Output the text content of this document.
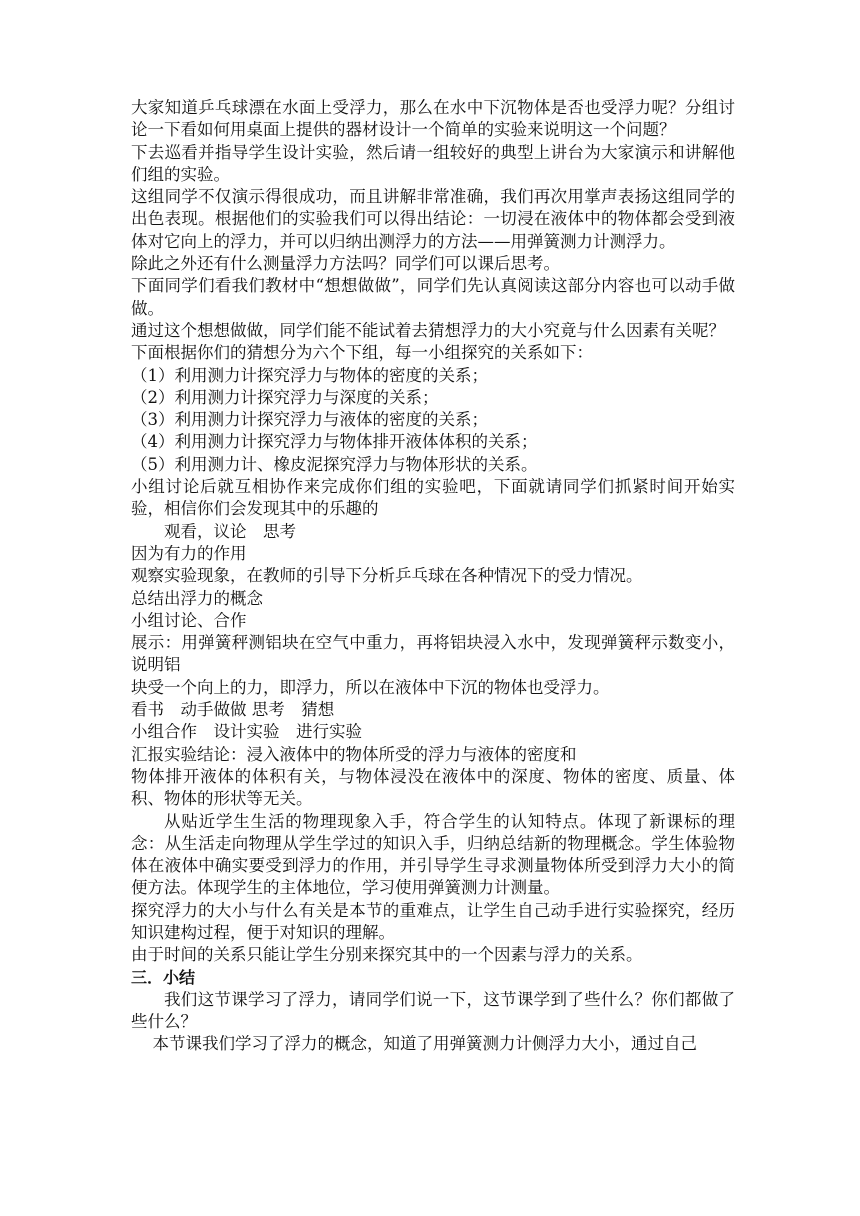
大家知道乒乓球漂在水面上受浮力，那么在水中下沉物体是否也受浮力呢？分组讨论一下看如何用桌面上提供的器材设计一个简单的实验来说明这一个问题？

下去巡看并指导学生设计实验，然后请一组较好的典型上讲台为大家演示和讲解他们组的实验。

这组同学不仅演示得很成功，而且讲解非常准确，我们再次用掌声表扬这组同学的出色表现。根据他们的实验我们可以得出结论：一切浸在液体中的物体都会受到液体对它向上的浮力，并可以归纳出测浮力的方法——用弹簧测力计测浮力。

除此之外还有什么测量浮力方法吗？同学们可以课后思考。

下面同学们看我们教材中“想想做做”，同学们先认真阅读这部分内容也可以动手做做。

通过这个想想做做，同学们能不能试着去猜想浮力的大小究竟与什么因素有关呢？

下面根据你们的猜想分为六个下组，每一小组探究的关系如下：

（1）利用测力计探究浮力与物体的密度的关系；

（2）利用测力计探究浮力与深度的关系；

（3）利用测力计探究浮力与液体的密度的关系；

（4）利用测力计探究浮力与物体排开液体体积的关系；

（5）利用测力计、橡皮泥探究浮力与物体形状的关系。

小组讨论后就互相协作来完成你们组的实验吧，下面就请同学们抓紧时间开始实验，相信你们会发现其中的乐趣的

观看，议论　思考

因为有力的作用

观察实验现象，在教师的引导下分析乒乓球在各种情况下的受力情况。

总结出浮力的概念

小组讨论、合作

展示：用弹簧秤测铝块在空气中重力，再将铝块浸入水中，发现弹簧秤示数变小，说明铝

块受一个向上的力，即浮力，所以在液体中下沉的物体也受浮力。

看书　动手做做 思考　猜想

小组合作　设计实验　进行实验

汇报实验结论：浸入液体中的物体所受的浮力与液体的密度和

物体排开液体的体积有关，与物体浸没在液体中的深度、物体的密度、质量、体积、物体的形状等无关。

从贴近学生生活的物理现象入手，符合学生的认知特点。体现了新课标的理念：从生活走向物理从学生学过的知识入手，归纳总结新的物理概念。学生体验物体在液体中确实要受到浮力的作用，并引导学生寻求测量物体所受到浮力大小的简便方法。体现学生的主体地位，学习使用弹簧测力计测量。

探究浮力的大小与什么有关是本节的重难点，让学生自己动手进行实验探究，经历知识建构过程，便于对知识的理解。

由于时间的关系只能让学生分别来探究其中的一个因素与浮力的关系。

三．小结

我们这节课学习了浮力，请同学们说一下，这节课学到了些什么？你们都做了些什么？

本节课我们学习了浮力的概念，知道了用弹簧测力计侧浮力大小，通过自己
